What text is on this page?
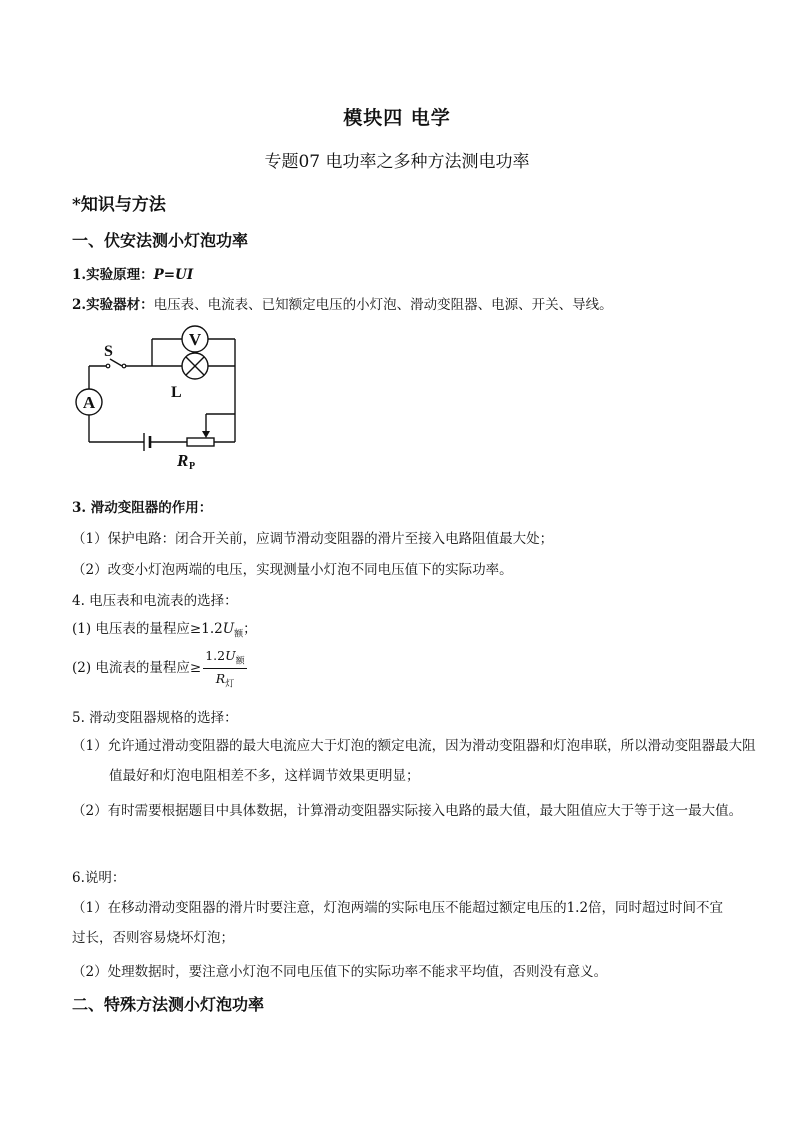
模块四 电学
专题07 电功率之多种方法测电功率
*知识与方法
一、伏安法测小灯泡功率
1.实验原理：P=UI
2.实验器材：电压表、电流表、已知额定电压的小灯泡、滑动变阻器、电源、开关、导线。
V
A
S
L
R P
3. 滑动变阻器的作用：
（1）保护电路：闭合开关前，应调节滑动变阻器的滑片至接入电路阻值最大处；
（2）改变小灯泡两端的电压，实现测量小灯泡不同电压值下的实际功率。
4. 电压表和电流表的选择：
(1) 电压表的量程应$\ge 1.2U_额$；
(2) 电流表的量程应≥ $\frac{1.2U_额}{R_灯}$
5. 滑动变阻器规格的选择：
（1）允许通过滑动变阻器的最大电流应大于灯泡的额定电流，因为滑动变阻器和灯泡串联，所以滑动变阻器最大阻值最好和灯泡电阻相差不多，这样调节效果更明显；
（2）有时需要根据题目中具体数据，计算滑动变阻器实际接入电路的最大值，最大阻值应大于等于这一最大值。
6.说明：
（1）在移动滑动变阻器的滑片时要注意，灯泡两端的实际电压不能超过额定电压的1.2倍，同时超过时间不宜过长，否则容易烧坏灯泡；
（2）处理数据时，要注意小灯泡不同电压值下的实际功率不能求平均值，否则没有意义。
二、特殊方法测小灯泡功率
